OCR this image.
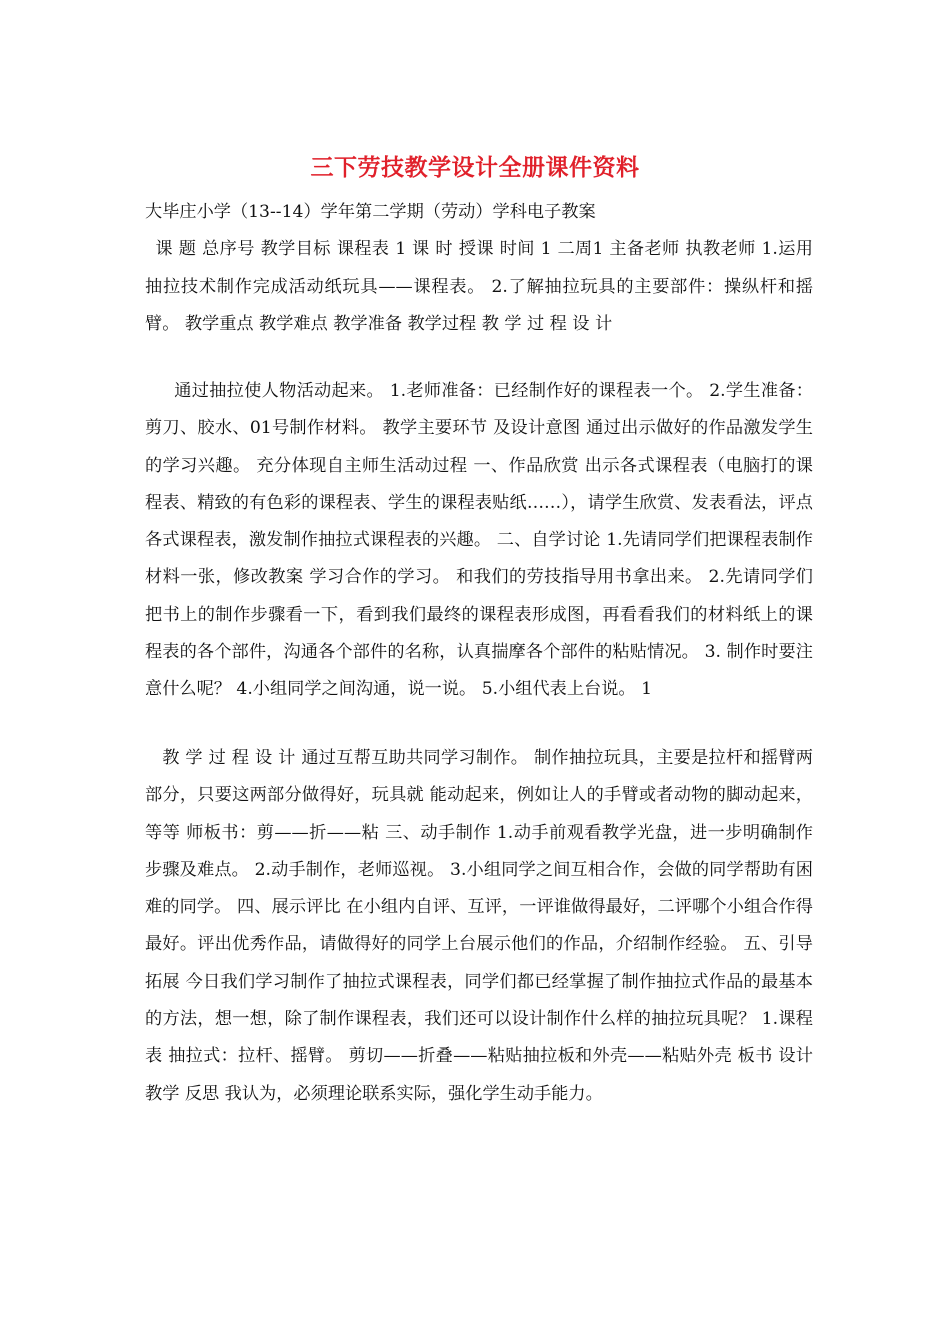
三下劳技教学设计全册课件资料
大毕庄小学（13--14）学年第二学期（劳动）学科电子教案
课 题 总序号 教学目标 课程表 1 课 时 授课 时间 1 二周1 主备老师 执教老师 1.运用抽拉技术制作完成活动纸玩具——课程表。 2.了解抽拉玩具的主要部件：操纵杆和摇臂。 教学重点 教学难点 教学准备 教学过程 教 学 过 程 设 计
通过抽拉使人物活动起来。 1.老师准备：已经制作好的课程表一个。 2.学生准备：剪刀、胶水、01号制作材料。 教学主要环节 及设计意图 通过出示做好的作品激发学生的学习兴趣。 充分体现自主师生活动过程 一、作品欣赏 出示各式课程表（电脑打的课程表、精致的有色彩的课程表、学生的课程表贴纸……），请学生欣赏、发表看法，评点各式课程表，激发制作抽拉式课程表的兴趣。 二、自学讨论 1.先请同学们把课程表制作材料一张，修改教案 学习合作的学习。 和我们的劳技指导用书拿出来。 2.先请同学们把书上的制作步骤看一下，看到我们最终的课程表形成图，再看看我们的材料纸上的课程表的各个部件，沟通各个部件的名称，认真揣摩各个部件的粘贴情况。 3. 制作时要注意什么呢？ 4.小组同学之间沟通，说一说。 5.小组代表上台说。 1
教 学 过 程 设 计 通过互帮互助共同学习制作。 制作抽拉玩具，主要是拉杆和摇臂两部分，只要这两部分做得好，玩具就 能动起来，例如让人的手臂或者动物的脚动起来，等等 师板书：剪——折——粘 三、动手制作 1.动手前观看教学光盘，进一步明确制作步骤及难点。 2.动手制作，老师巡视。 3.小组同学之间互相合作，会做的同学帮助有困难的同学。 四、展示评比 在小组内自评、互评，一评谁做得最好，二评哪个小组合作得最好。评出优秀作品，请做得好的同学上台展示他们的作品，介绍制作经验。 五、引导拓展 今日我们学习制作了抽拉式课程表，同学们都已经掌握了制作抽拉式作品的最基本的方法，想一想，除了制作课程表，我们还可以设计制作什么样的抽拉玩具呢？ 1.课程表 抽拉式：拉杆、摇臂。 剪切——折叠——粘贴抽拉板和外壳——粘贴外壳 板书 设计 教学 反思 我认为，必须理论联系实际，强化学生动手能力。
